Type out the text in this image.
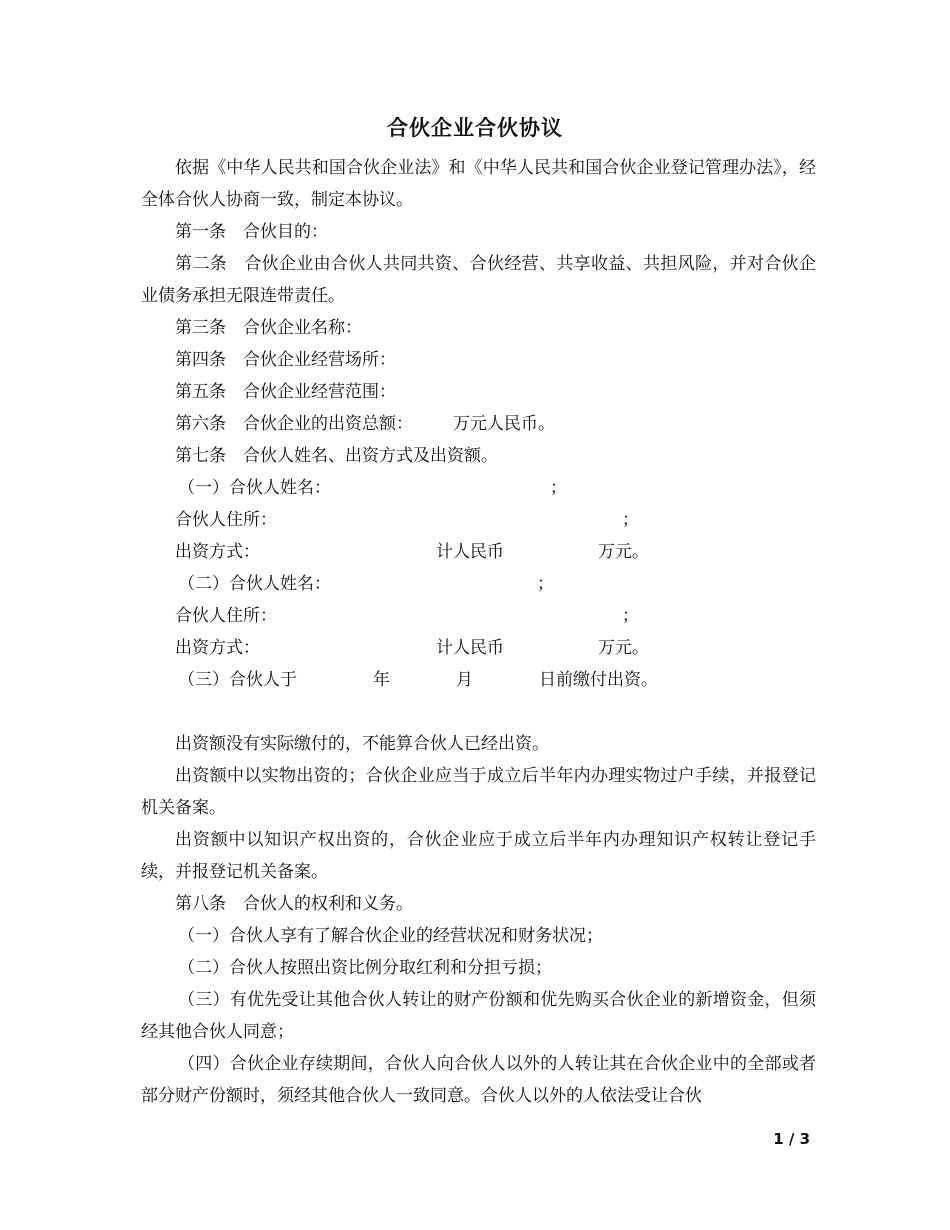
合伙企业合伙协议

依据《中华人民共和国合伙企业法》和《中华人民共和国合伙企业登记管理办法》，经全体合伙人协商一致，制定本协议。

第一条　合伙目的：

第二条　合伙企业由合伙人共同共资、合伙经营、共享收益、共担风险，并对合伙企业债务承担无限连带责任。

第三条　合伙企业名称：

第四条　合伙企业经营场所：

第五条　合伙企业经营范围：

第六条　合伙企业的出资总额： 万元人民币。

第七条　合伙人姓名、出资方式及出资额。

（一）合伙人姓名：	；

合伙人住所：	；

出资方式：	计人民币	万元。

（二）合伙人姓名：	；

合伙人住所：	；

出资方式：	计人民币	万元。

（三）合伙人于	年	月	日前缴付出资。

出资额没有实际缴付的，不能算合伙人已经出资。

出资额中以实物出资的；合伙企业应当于成立后半年内办理实物过户手续，并报登记机关备案。

出资额中以知识产权出资的，合伙企业应于成立后半年内办理知识产权转让登记手续，并报登记机关备案。

第八条　合伙人的权利和义务。

（一）合伙人享有了解合伙企业的经营状况和财务状况；

（二）合伙人按照出资比例分取红利和分担亏损；

（三）有优先受让其他合伙人转让的财产份额和优先购买合伙企业的新增资金，但须经其他合伙人同意；

（四）合伙企业存续期间，合伙人向合伙人以外的人转让其在合伙企业中的全部或者部分财产份额时，须经其他合伙人一致同意。合伙人以外的人依法受让合伙

1 / 3
